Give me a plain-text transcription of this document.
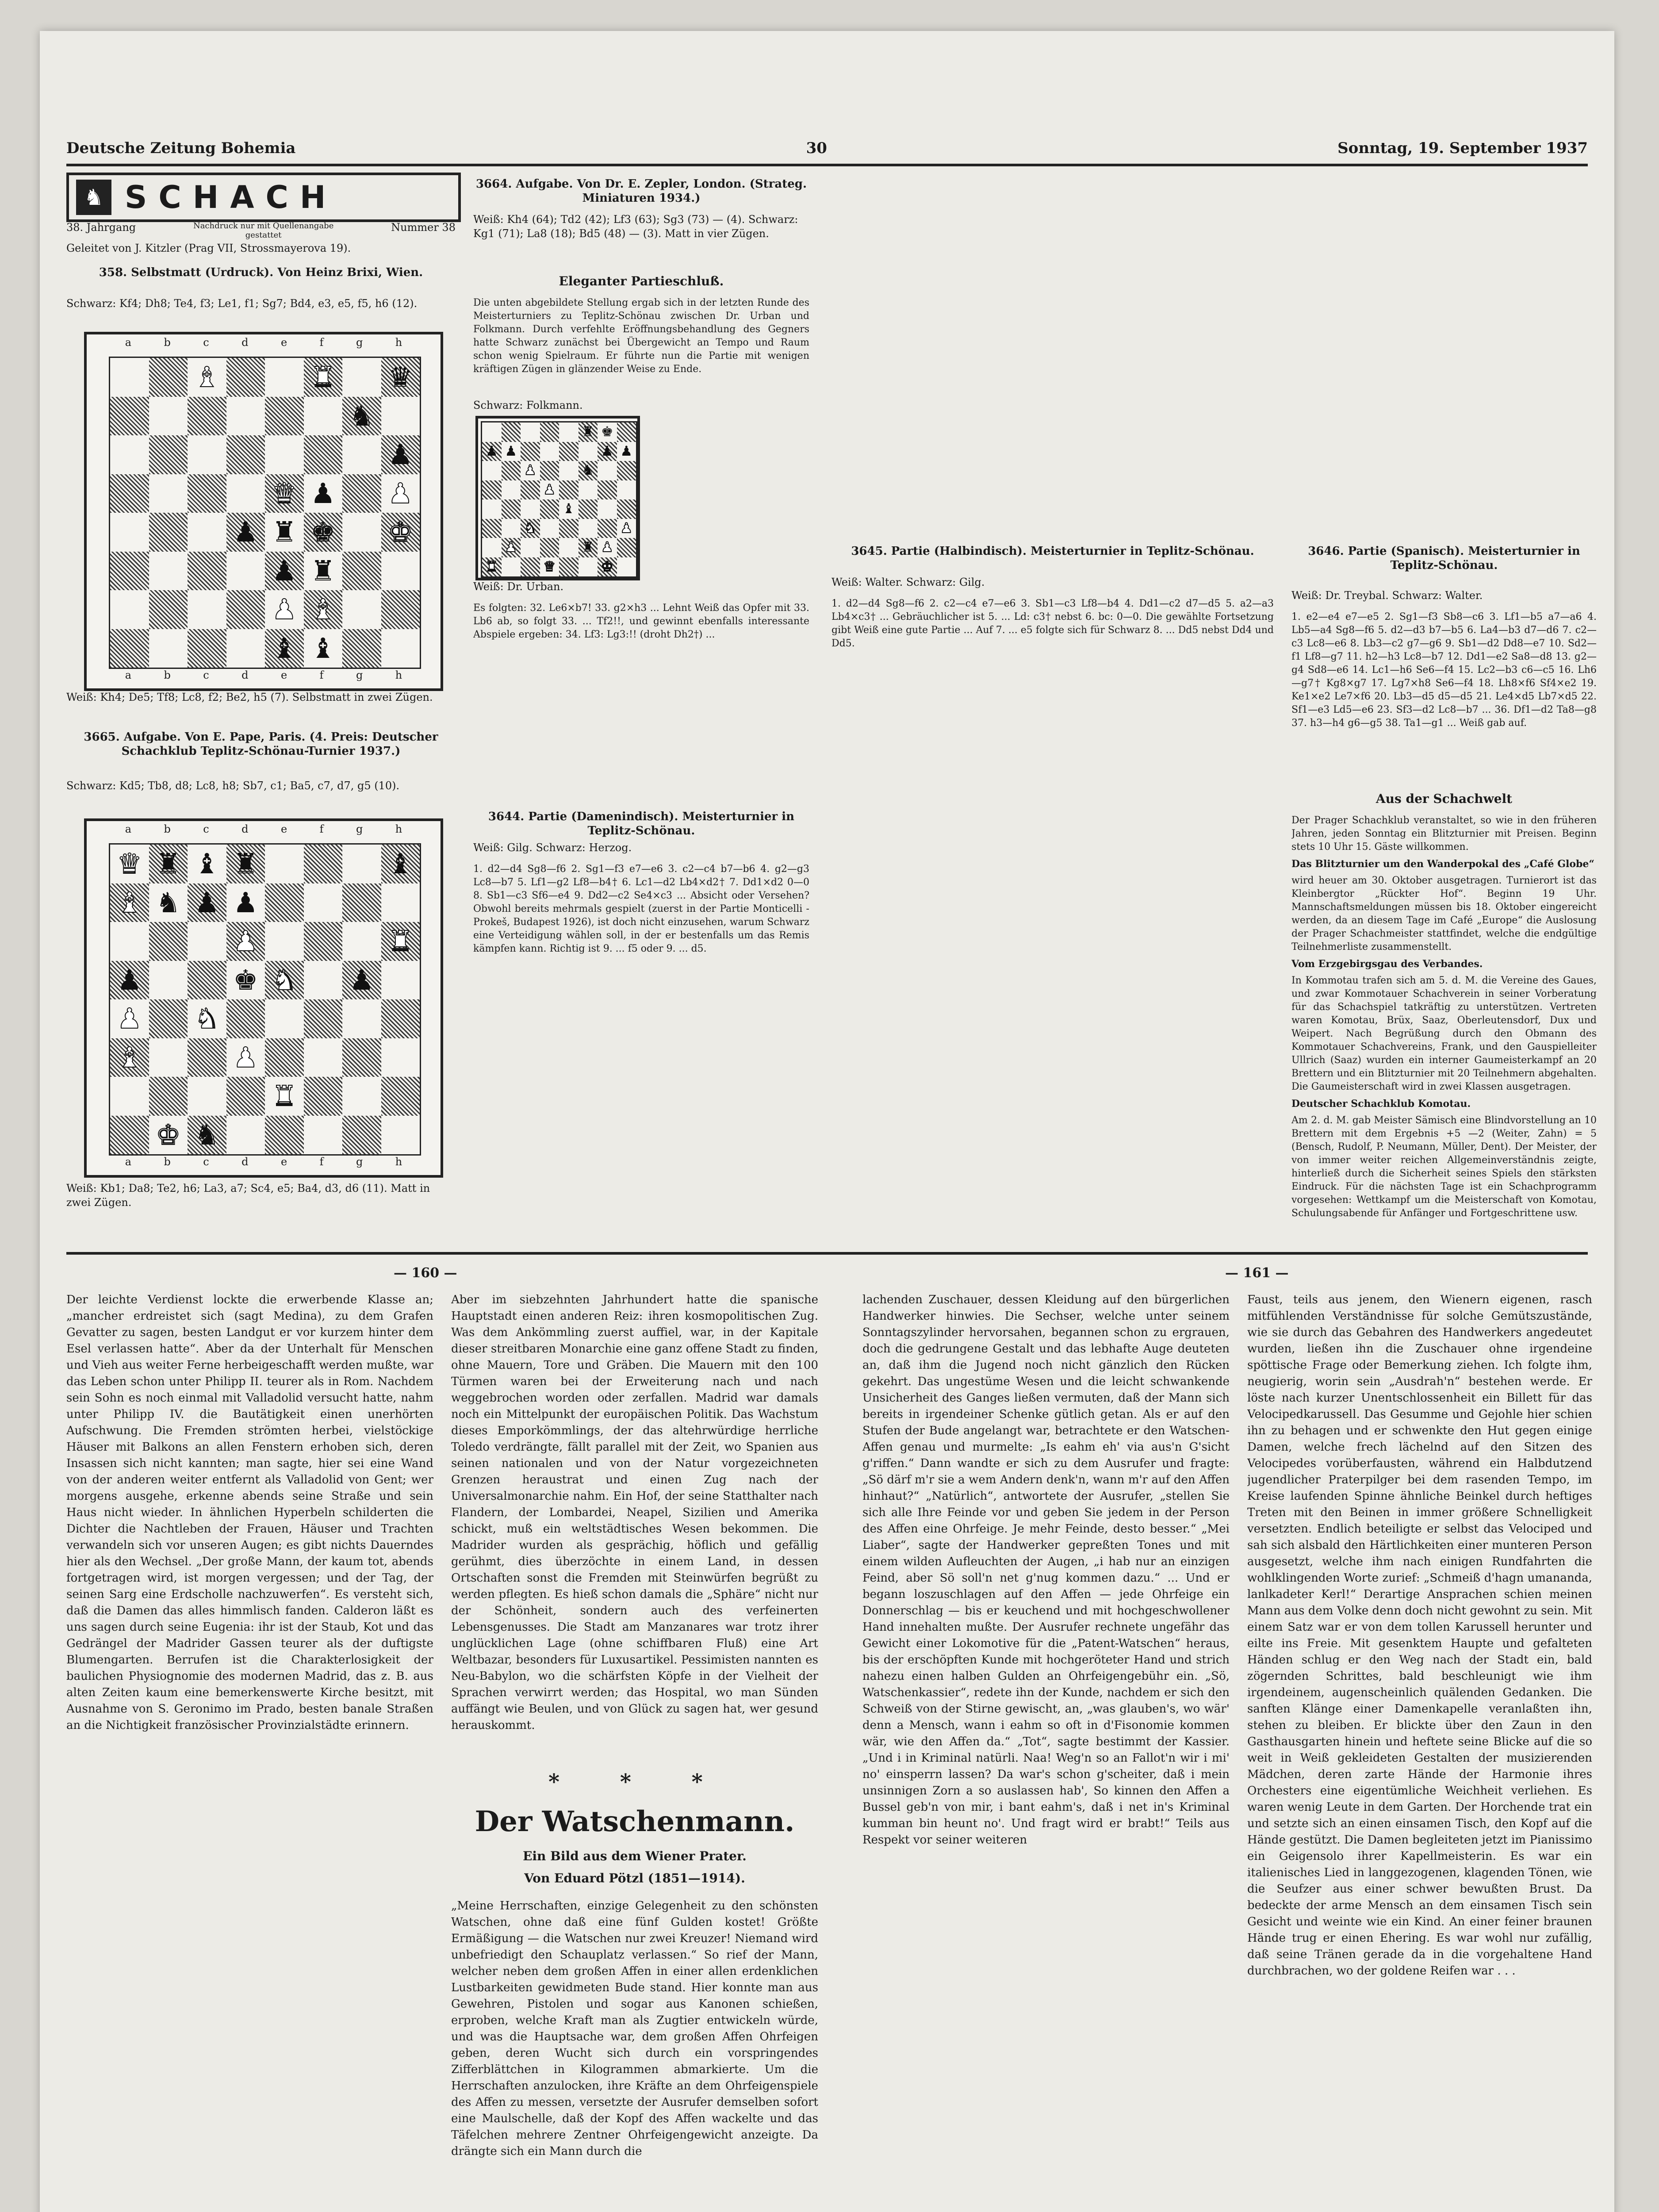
Deutsche Zeitung Bohemia	30	Sonntag, 19. September 1937
♞ SCHACH
38. Jahrgang	Nachdruck nur mit Quellenangabe gestattet
Nummer 38
Geleitet von J. Kitzler (Prag VII, Strossmayerova 19).
358. Selbstmatt (Urdruck). Von Heinz Brixi, Wien.
Schwarz: Kf4; Dh8; Te4, f3; Le1, f1; Sg7; Bd4, e3, e5, f5, h6 (12).
a	b	c	d	e	f	g	h
a	b	c	d	e	f	g	h
♝	♜ ♛
♞
♟
♛ ♟ ♟
♟ ♜ ♚ ♚
♟ ♜
♟ ♝
♝ ♝
Weiß: Kh4; De5; Tf8; Lc8, f2; Be2, h5 (7). Selbstmatt in zwei Zügen.
3665. Aufgabe. Von E. Pape, Paris. (4. Preis: Deutscher Schachklub Teplitz-Schönau-Turnier 1937.)
Schwarz: Kd5; Tb8, d8; Lc8, h8; Sb7, c1; Ba5, c7, d7, g5 (10).
a	b	c	d	e	f	g	h
a	b	c	d	e	f	g	h
♛ ♜ ♝ ♜	♝
♝ ♞ ♟ ♟
♟	♜
♟	♚ ♞ ♟
♟ ♞
♝	♟
♜
♚ ♞
Weiß: Kb1; Da8; Te2, h6; La3, a7; Sc4, e5; Ba4, d3, d6 (11). Matt in zwei Zügen.
3664. Aufgabe. Von Dr. E. Zepler, London. (Strateg. Miniaturen 1934.)
Weiß: Kh4 (64); Td2 (42); Lf3 (63); Sg3 (73) — (4). Schwarz: Kg1 (71); La8 (18); Bd5 (48) — (3). Matt in vier Zügen.
Eleganter Partieschluß.
Die unten abgebildete Stellung ergab sich in der letzten Runde des Meisterturniers zu Teplitz-Schönau zwischen Dr. Urban und Folkmann. Durch verfehlte Eröffnungsbehandlung des Gegners hatte Schwarz zunächst bei Übergewicht an Tempo und Raum schon wenig Spielraum. Er führte nun die Partie mit wenigen kräftigen Zügen in glänzender Weise zu Ende.
Schwarz: Folkmann.
♜ ♚
♟ ♟	♟ ♟
♟	♞
♟
♝
♞	♟
♟	♜ ♟
♜	♛	♚
Weiß: Dr. Urban.
Es folgten: 32. Le6×b7! 33. g2×h3 ... Lehnt Weiß das Opfer mit 33. Lb6 ab, so folgt 33. ... Tf2!!, und gewinnt ebenfalls interessante Abspiele ergeben: 34. Lf3: Lg3:!! (droht Dh2†) ...
3644. Partie (Damenindisch). Meisterturnier in Teplitz-Schönau.
Weiß: Gilg. Schwarz: Herzog.
1. d2—d4 Sg8—f6 2. Sg1—f3 e7—e6 3. c2—c4 b7—b6 4. g2—g3 Lc8—b7 5. Lf1—g2 Lf8—b4† 6. Lc1—d2 Lb4×d2† 7. Dd1×d2 0—0 8. Sb1—c3 Sf6—e4 9. Dd2—c2 Se4×c3 ... Absicht oder Versehen? Obwohl bereits mehrmals gespielt (zuerst in der Partie Monticelli - Prokeš, Budapest 1926), ist doch nicht einzusehen, warum Schwarz eine Verteidigung wählen soll, in der er bestenfalls um das Remis kämpfen kann. Richtig ist 9. ... f5 oder 9. ... d5.
3645. Partie (Halbindisch). Meisterturnier in Teplitz-Schönau.
Weiß: Walter. Schwarz: Gilg.
1. d2—d4 Sg8—f6 2. c2—c4 e7—e6 3. Sb1—c3 Lf8—b4 4. Dd1—c2 d7—d5 5. a2—a3 Lb4×c3† ... Gebräuchlicher ist 5. ... Ld: c3† nebst 6. bc: 0—0. Die gewählte Fortsetzung gibt Weiß eine gute Partie ... Auf 7. ... e5 folgte sich für Schwarz 8. ... Dd5 nebst Dd4 und Dd5.
3646. Partie (Spanisch). Meisterturnier in Teplitz-Schönau.
Weiß: Dr. Treybal. Schwarz: Walter.
1. e2—e4 e7—e5 2. Sg1—f3 Sb8—c6 3. Lf1—b5 a7—a6 4. Lb5—a4 Sg8—f6 5. d2—d3 b7—b5 6. La4—b3 d7—d6 7. c2—c3 Lc8—e6 8. Lb3—c2 g7—g6 9. Sb1—d2 Dd8—e7 10. Sd2—f1 Lf8—g7 11. h2—h3 Lc8—b7 12. Dd1—e2 Sa8—d8 13. g2—g4 Sd8—e6 14. Lc1—h6 Se6—f4 15. Lc2—b3 c6—c5 16. Lh6—g7† Kg8×g7 17. Lg7×h8 Se6—f4 18. Lh8×f6 Sf4×e2 19. Ke1×e2 Le7×f6 20. Lb3—d5 d5—d5 21. Le4×d5 Lb7×d5 22. Sf1—e3 Ld5—e6 23. Sf3—d2 Lc8—b7 ... 36. Df1—d2 Ta8—g8 37. h3—h4 g6—g5 38. Ta1—g1 ... Weiß gab auf.
Aus der Schachwelt

Der Prager Schachklub veranstaltet, so wie in den früheren Jahren, jeden Sonntag ein Blitzturnier mit Preisen. Beginn stets 10 Uhr 15. Gäste willkommen.

Das Blitzturnier um den Wanderpokal des „Café Globe“

wird heuer am 30. Oktober ausgetragen. Turnierort ist das Kleinbergtor „Rückter Hof“. Beginn 19 Uhr. Mannschaftsmeldungen müssen bis 18. Oktober eingereicht werden, da an diesem Tage im Café „Europe“ die Auslosung der Prager Schachmeister stattfindet, welche die endgültige Teilnehmerliste zusammenstellt.

Vom Erzgebirgsgau des Verbandes.

In Kommotau trafen sich am 5. d. M. die Vereine des Gaues, und zwar Kommotauer Schachverein in seiner Vorberatung für das Schachspiel tatkräftig zu unterstützen. Vertreten waren Komotau, Brüx, Saaz, Oberleutensdorf, Dux und Weipert. Nach Begrüßung durch den Obmann des Kommotauer Schachvereins, Frank, und den Gauspielleiter Ullrich (Saaz) wurden ein interner Gaumeisterkampf an 20 Brettern und ein Blitzturnier mit 20 Teilnehmern abgehalten. Die Gaumeisterschaft wird in zwei Klassen ausgetragen.

Deutscher Schachklub Komotau.

Am 2. d. M. gab Meister Sämisch eine Blindvorstellung an 10 Brettern mit dem Ergebnis +5 —2 (Weiter, Zahn) = 5 (Bensch, Rudolf, P. Neumann, Müller, Dent). Der Meister, der von immer weiter reichen Allgemeinverständnis zeigte, hinterließ durch die Sicherheit seines Spiels den stärksten Eindruck. Für die nächsten Tage ist ein Schachprogramm vorgesehen: Wettkampf um die Meisterschaft von Komotau, Schulungsabende für Anfänger und Fortgeschrittene usw.

— 160 —	— 161 —
Der leichte Verdienst lockte die erwerbende Klasse an; „mancher erdreistet sich (sagt Medina), zu dem Grafen Gevatter zu sagen, besten Landgut er vor kurzem hinter dem Esel verlassen hatte“. Aber da der Unterhalt für Menschen und Vieh aus weiter Ferne herbeigeschafft werden mußte, war das Leben schon unter Philipp II. teurer als in Rom. Nachdem sein Sohn es noch einmal mit Valladolid versucht hatte, nahm unter Philipp IV. die Bautätigkeit einen unerhörten Aufschwung. Die Fremden strömten herbei, vielstöckige Häuser mit Balkons an allen Fenstern erhoben sich, deren Insassen sich nicht kannten; man sagte, hier sei eine Wand von der anderen weiter entfernt als Valladolid von Gent; wer morgens ausgehe, erkenne abends seine Straße und sein Haus nicht wieder. In ähnlichen Hyperbeln schilderten die Dichter die Nachtleben der Frauen, Häuser und Trachten verwandeln sich vor unseren Augen; es gibt nichts Dauerndes hier als den Wechsel. „Der große Mann, der kaum tot, abends fortgetragen wird, ist morgen vergessen; und der Tag, der seinen Sarg eine Erdscholle nachzuwerfen“. Es versteht sich, daß die Damen das alles himmlisch fanden. Calderon läßt es uns sagen durch seine Eugenia: ihr ist der Staub, Kot und das Gedrängel der Madrider Gassen teurer als der duftigste Blumengarten. Berrufen ist die Charakterlosigkeit der baulichen Physiognomie des modernen Madrid, das z. B. aus alten Zeiten kaum eine bemerkenswerte Kirche besitzt, mit Ausnahme von S. Geronimo im Prado, besten banale Straßen an die Nichtigkeit französischer Provinzialstädte erinnern.
Aber im siebzehnten Jahrhundert hatte die spanische Hauptstadt einen anderen Reiz: ihren kosmopolitischen Zug. Was dem Ankömmling zuerst auffiel, war, in der Kapitale dieser streitbaren Monarchie eine ganz offene Stadt zu finden, ohne Mauern, Tore und Gräben. Die Mauern mit den 100 Türmen waren bei der Erweiterung nach und nach weggebrochen worden oder zerfallen. Madrid war damals noch ein Mittelpunkt der europäischen Politik. Das Wachstum dieses Emporkömmlings, der das altehrwürdige herrliche Toledo verdrängte, fällt parallel mit der Zeit, wo Spanien aus seinen nationalen und von der Natur vorgezeichneten Grenzen heraustrat und einen Zug nach der Universalmonarchie nahm. Ein Hof, der seine Statthalter nach Flandern, der Lombardei, Neapel, Sizilien und Amerika schickt, muß ein weltstädtisches Wesen bekommen. Die Madrider wurden als gesprächig, höflich und gefällig gerühmt, dies überzöchte in einem Land, in dessen Ortschaften sonst die Fremden mit Steinwürfen begrüßt zu werden pflegten. Es hieß schon damals die „Sphäre“ nicht nur der Schönheit, sondern auch des verfeinerten Lebensgenusses. Die Stadt am Manzanares war trotz ihrer unglücklichen Lage (ohne schiffbaren Fluß) eine Art Weltbazar, besonders für Luxusartikel. Pessimisten nannten es Neu-Babylon, wo die schärfsten Köpfe in der Vielheit der Sprachen verwirrt werden; das Hospital, wo man Sünden auffängt wie Beulen, und von Glück zu sagen hat, wer gesund herauskommt.
* * *
Der Watschenmann.
Ein Bild aus dem Wiener Prater.
Von Eduard Pötzl (1851—1914).
„Meine Herrschaften, einzige Gelegenheit zu den schönsten Watschen, ohne daß eine fünf Gulden kostet! Größte Ermäßigung — die Watschen nur zwei Kreuzer! Niemand wird unbefriedigt den Schauplatz verlassen.“ So rief der Mann, welcher neben dem großen Affen in einer allen erdenklichen Lustbarkeiten gewidmeten Bude stand. Hier konnte man aus Gewehren, Pistolen und sogar aus Kanonen schießen, erproben, welche Kraft man als Zugtier entwickeln würde, und was die Hauptsache war, dem großen Affen Ohrfeigen geben, deren Wucht sich durch ein vorspringendes Zifferblättchen in Kilogrammen abmarkierte. Um die Herrschaften anzulocken, ihre Kräfte an dem Ohrfeigenspiele des Affen zu messen, versetzte der Ausrufer demselben sofort eine Maulschelle, daß der Kopf des Affen wackelte und das Täfelchen mehrere Zentner Ohrfeigengewicht anzeigte. Da drängte sich ein Mann durch die
lachenden Zuschauer, dessen Kleidung auf den bürgerlichen Handwerker hinwies. Die Sechser, welche unter seinem Sonntagszylinder hervorsahen, begannen schon zu ergrauen, doch die gedrungene Gestalt und das lebhafte Auge deuteten an, daß ihm die Jugend noch nicht gänzlich den Rücken gekehrt. Das ungestüme Wesen und die leicht schwankende Unsicherheit des Ganges ließen vermuten, daß der Mann sich bereits in irgendeiner Schenke gütlich getan. Als er auf den Stufen der Bude angelangt war, betrachtete er den Watschen-Affen genau und murmelte: „Is eahm eh' via aus'n G'sicht g'riffen.“ Dann wandte er sich zu dem Ausrufer und fragte: „Sö därf m'r sie a wem Andern denk'n, wann m'r auf den Affen hinhaut?“ „Natürlich“, antwortete der Ausrufer, „stellen Sie sich alle Ihre Feinde vor und geben Sie jedem in der Person des Affen eine Ohrfeige. Je mehr Feinde, desto besser.“ „Mei Liaber“, sagte der Handwerker gepreßten Tones und mit einem wilden Aufleuchten der Augen, „i hab nur an einzigen Feind, aber Sö soll'n net g'nug kommen dazu.“ ... Und er begann loszuschlagen auf den Affen — jede Ohrfeige ein Donnerschlag — bis er keuchend und mit hochgeschwollener Hand innehalten mußte. Der Ausrufer rechnete ungefähr das Gewicht einer Lokomotive für die „Patent-Watschen“ heraus, bis der erschöpften Kunde mit hochgeröteter Hand und strich nahezu einen halben Gulden an Ohrfeigengebühr ein. „Sö, Watschenkassier“, redete ihn der Kunde, nachdem er sich den Schweiß von der Stirne gewischt, an, „was glauben's, wo wär' denn a Mensch, wann i eahm so oft in d'Fisonomie kommen wär, wie den Affen da.“ „Tot“, sagte bestimmt der Kassier. „Und i in Kriminal natürli. Naa! Weg'n so an Fallot'n wir i mi' no' einsperrn lassen? Da war's schon g'scheiter, daß i mein unsinnigen Zorn a so auslassen hab', So kinnen den Affen a Bussel geb'n von mir, i bant eahm's, daß i net in's Kriminal kumman bin heunt no'. Und fragt wird er brabt!“ Teils aus Respekt vor seiner weiteren
Faust, teils aus jenem, den Wienern eigenen, rasch mitfühlenden Verständnisse für solche Gemütszustände, wie sie durch das Gebahren des Handwerkers angedeutet wurden, ließen ihn die Zuschauer ohne irgendeine spöttische Frage oder Bemerkung ziehen. Ich folgte ihm, neugierig, worin sein „Ausdrah'n“ bestehen werde. Er löste nach kurzer Unentschlossenheit ein Billett für das Velocipedkarussell. Das Gesumme und Gejohle hier schien ihn zu behagen und er schwenkte den Hut gegen einige Damen, welche frech lächelnd auf den Sitzen des Velocipedes vorüberfausten, während ein Halbdutzend jugendlicher Praterpilger bei dem rasenden Tempo, im Kreise laufenden Spinne ähnliche Beinkel durch heftiges Treten mit den Beinen in immer größere Schnelligkeit versetzten. Endlich beteiligte er selbst das Velociped und sah sich alsbald den Härtlichkeiten einer munteren Person ausgesetzt, welche ihm nach einigen Rundfahrten die wohlklingenden Worte zurief: „Schmeiß d'hagn umananda, lanlkadeter Kerl!“ Derartige Ansprachen schien meinen Mann aus dem Volke denn doch nicht gewohnt zu sein. Mit einem Satz war er von dem tollen Karussell herunter und eilte ins Freie. Mit gesenktem Haupte und gefalteten Händen schlug er den Weg nach der Stadt ein, bald zögernden Schrittes, bald beschleunigt wie ihm irgendeinem, augenscheinlich quälenden Gedanken. Die sanften Klänge einer Damenkapelle veranlaßten ihn, stehen zu bleiben. Er blickte über den Zaun in den Gasthausgarten hinein und heftete seine Blicke auf die so weit in Weiß gekleideten Gestalten der musizierenden Mädchen, deren zarte Hände der Harmonie ihres Orchesters eine eigentümliche Weichheit verliehen. Es waren wenig Leute in dem Garten. Der Horchende trat ein und setzte sich an einen einsamen Tisch, den Kopf auf die Hände gestützt. Die Damen begleiteten jetzt im Pianissimo ein Geigensolo ihrer Kapellmeisterin. Es war ein italienisches Lied in langgezogenen, klagenden Tönen, wie die Seufzer aus einer schwer bewußten Brust. Da bedeckte der arme Mensch an dem einsamen Tisch sein Gesicht und weinte wie ein Kind. An einer feiner braunen Hände trug er einen Ehering. Es war wohl nur zufällig, daß seine Tränen gerade da in die vorgehaltene Hand durchbrachen, wo der goldene Reifen war . . .
